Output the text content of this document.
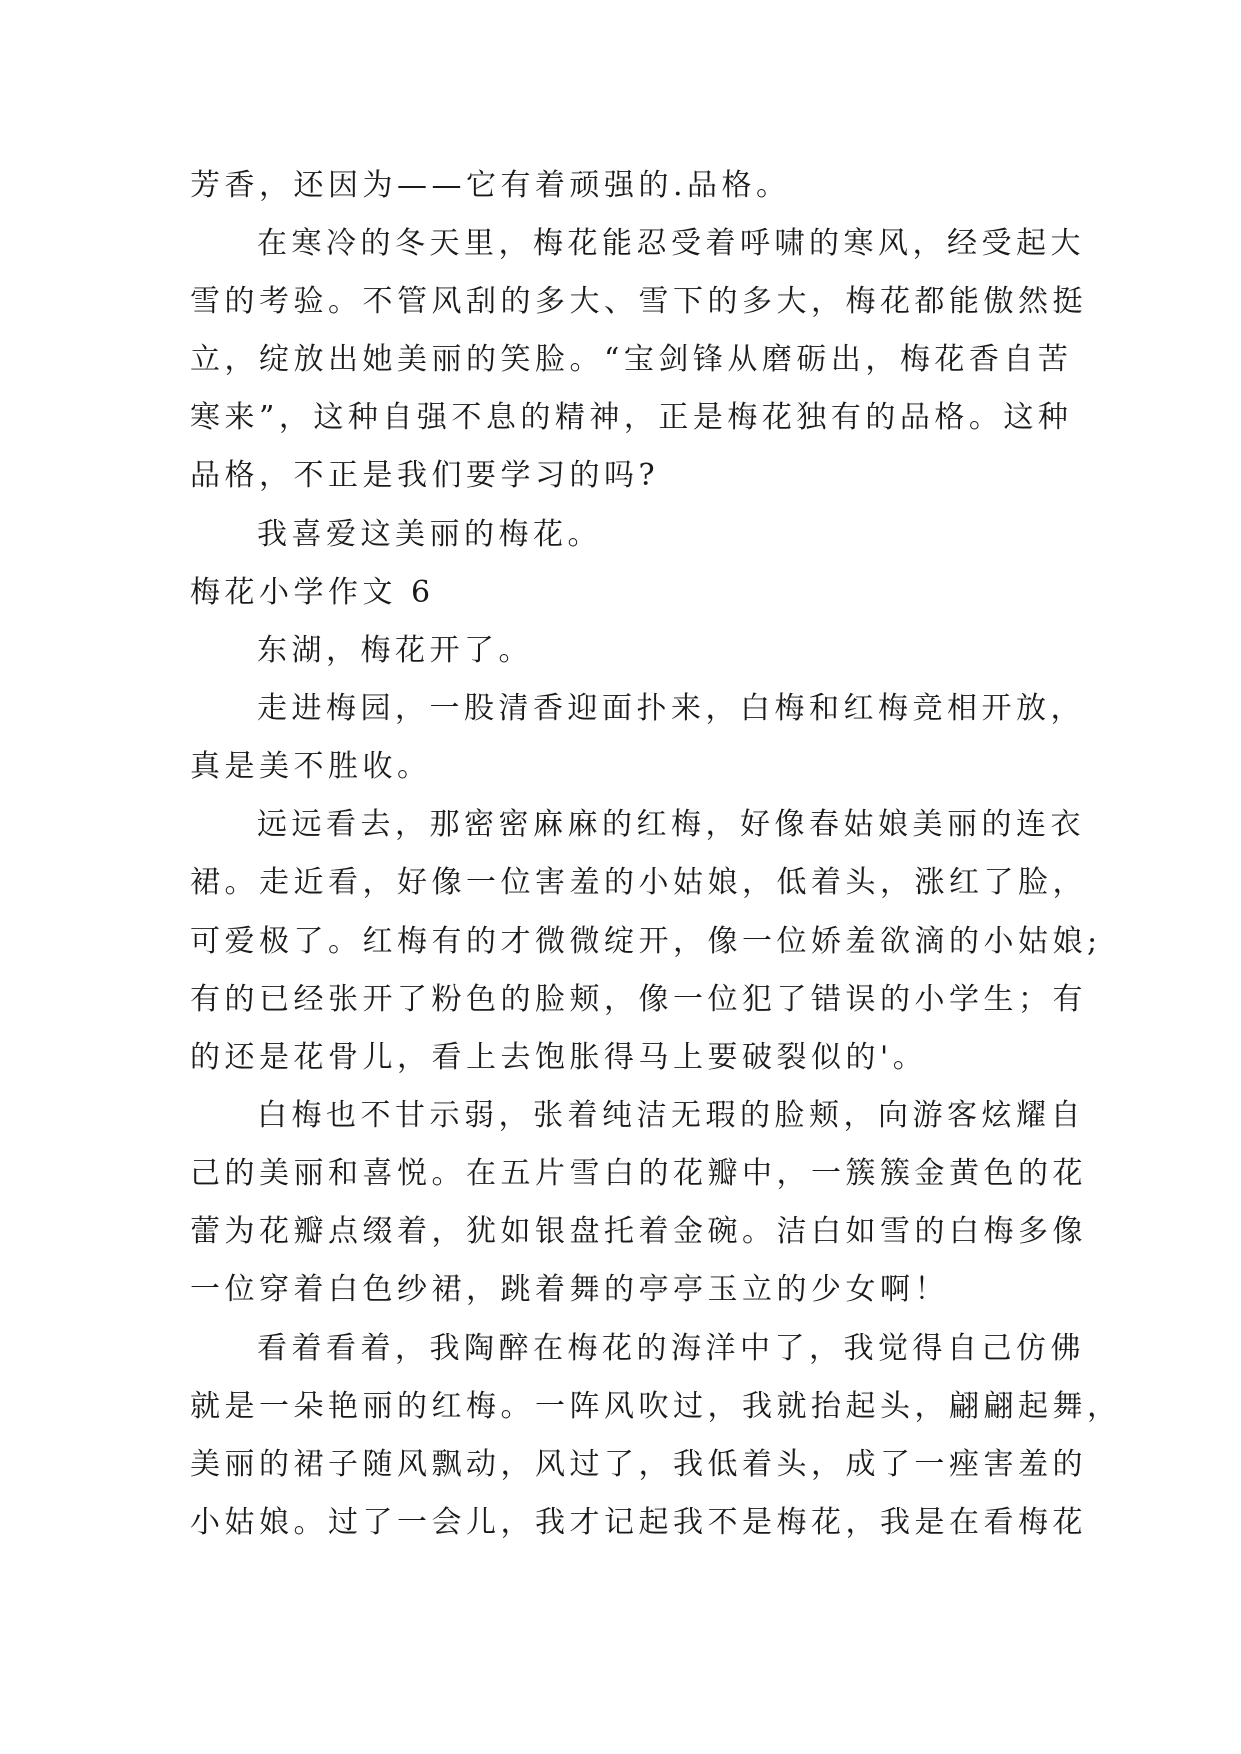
芳香，还因为——它有着顽强的.品格。
在寒冷的冬天里，梅花能忍受着呼啸的寒风，经受起大
雪的考验。不管风刮的多大、雪下的多大，梅花都能傲然挺
立，绽放出她美丽的笑脸。“宝剑锋从磨砺出，梅花香自苦
寒来”，这种自强不息的精神，正是梅花独有的品格。这种
品格，不正是我们要学习的吗?
我喜爱这美丽的梅花。
梅花小学作文 6
东湖，梅花开了。
走进梅园，一股清香迎面扑来，白梅和红梅竞相开放，
真是美不胜收。
远远看去，那密密麻麻的红梅，好像春姑娘美丽的连衣
裙。走近看，好像一位害羞的小姑娘，低着头，涨红了脸，
可爱极了。红梅有的才微微绽开，像一位娇羞欲滴的小姑娘;
有的已经张开了粉色的脸颊，像一位犯了错误的小学生；有
的还是花骨儿，看上去饱胀得马上要破裂似的'。
白梅也不甘示弱，张着纯洁无瑕的脸颊，向游客炫耀自
己的美丽和喜悦。在五片雪白的花瓣中，一簇簇金黄色的花
蕾为花瓣点缀着，犹如银盘托着金碗。洁白如雪的白梅多像
一位穿着白色纱裙，跳着舞的亭亭玉立的少女啊！
看着看着，我陶醉在梅花的海洋中了，我觉得自己仿佛
就是一朵艳丽的红梅。一阵风吹过，我就抬起头，翩翩起舞，
美丽的裙子随风飘动，风过了，我低着头，成了一痤害羞的
小姑娘。过了一会儿，我才记起我不是梅花，我是在看梅花
